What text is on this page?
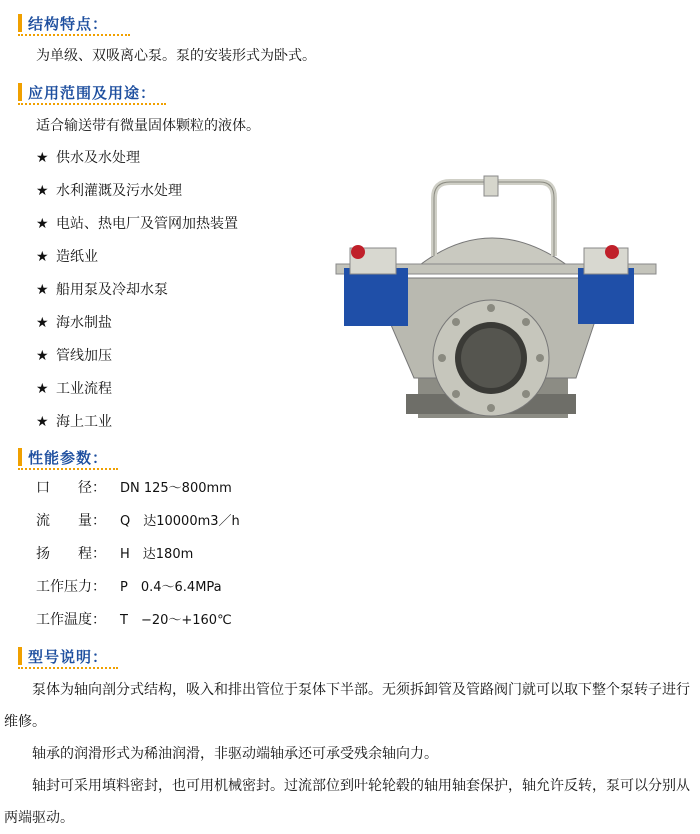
结构特点：
为单级、双吸离心泵。泵的安装形式为卧式。
应用范围及用途：
适合输送带有微量固体颗粒的液体。
★ 供水及水处理
★ 水利灌溉及污水处理
★ 电站、热电厂及管网加热装置
★ 造纸业
★ 船用泵及冷却水泵
★ 海水制盐
★ 管线加压
★ 工业流程
★ 海上工业
性能参数：
口　　径： DN 125～800mm
流　　量： Q　达10000m3／h
扬　　程： H　达180m
工作压力： P　0.4～6.4MPa
工作温度： T　−20～+160℃
型号说明：
泵体为轴向剖分式结构，吸入和排出管位于泵体下半部。无须拆卸管及管路阀门就可以取下整个泵转子进行维修。
轴承的润滑形式为稀油润滑，非驱动端轴承还可承受残余轴向力。
轴封可采用填料密封，也可用机械密封。过流部位到叶轮轮毂的轴用轴套保护，轴允许反转，泵可以分别从两端驱动。
